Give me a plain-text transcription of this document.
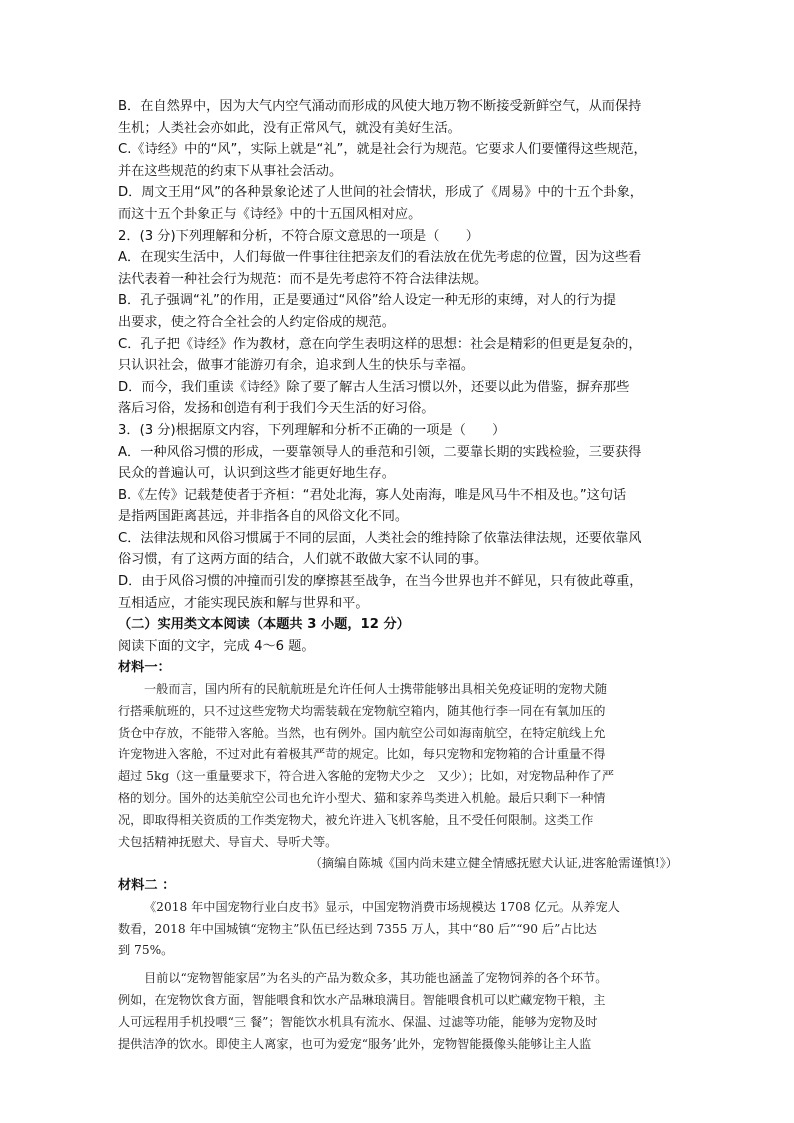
B．在自然界中，因为大气内空气涌动而形成的风使大地万物不断接受新鲜空气，从而保持

生机；人类社会亦如此，没有正常风气，就没有美好生活。

C.《诗经》中的“风”，实际上就是“礼”，就是社会行为规范。它要求人们要懂得这些规范，

并在这些规范的约束下从事社会活动。

D．周文王用“风”的各种景象论述了人世间的社会情状，形成了《周易》中的十五个卦象，

而这十五个卦象正与《诗经》中的十五国风相对应。

2．(3 分)下列理解和分析，不符合原文意思的一项是（　　）

A．在现实生活中，人们每做一件事往往把亲友们的看法放在优先考虑的位置，因为这些看

法代表着一种社会行为规范：而不是先考虑符不符合法律法规。

B．孔子强调“礼”的作用，正是要通过“风俗”给人设定一种无形的束缚，对人的行为提

出要求，使之符合全社会的人约定俗成的规范。

C．孔子把《诗经》作为教材，意在向学生表明这样的思想：社会是精彩的但更是复杂的，

只认识社会，做事才能游刃有余，追求到人生的快乐与幸福。

D．而今，我们重读《诗经》除了要了解古人生活习惯以外，还要以此为借鉴，摒弃那些

落后习俗，发扬和创造有利于我们今天生活的好习俗。

3．(3 分)根据原文内容，下列理解和分析不正确的一项是（　　）

A．一种风俗习惯的形成，一要靠领导人的垂范和引领，二要靠长期的实践检验，三要获得

民众的普遍认可，认识到这些才能更好地生存。

B.《左传》记载楚使者于齐桓：“君处北海，寡人处南海，唯是风马牛不相及也。”这句话

是指两国距离甚远，并非指各自的风俗文化不同。

C．法律法规和风俗习惯属于不同的层面，人类社会的维持除了依靠法律法规，还要依靠风

俗习惯，有了这两方面的结合，人们就不敢做大家不认同的事。

D．由于风俗习惯的冲撞而引发的摩擦甚至战争，在当今世界也并不鲜见，只有彼此尊重，

互相适应，才能实现民族和解与世界和平。

（二）实用类文本阅读（本题共 3 小题，12 分）

阅读下面的文字，完成 4～6 题。

材料一：

一般而言，国内所有的民航航班是允许任何人士携带能够出具相关免疫证明的宠物犬随

行搭乘航班的，只不过这些宠物犬均需装载在宠物航空箱内，随其他行李一同在有氧加压的

货仓中存放，不能带入客舱。当然，也有例外。国内航空公司如海南航空，在特定航线上允

许宠物进入客舱，不过对此有着极其严苛的规定。比如，每只宠物和宠物箱的合计重量不得

超过 5kg（这一重量要求下，符合进入客舱的宠物犬少之　又少）；比如，对宠物品种作了严

格的划分。国外的达美航空公司也允许小型犬、猫和家养鸟类进入机舱。最后只剩下一种情

况，即取得相关资质的工作类宠物犬，被允许进入飞机客舱，且不受任何限制。这类工作

犬包括精神抚慰犬、导盲犬、导听犬等。

（摘编自陈城《国内尚未建立健全情感抚慰犬认证,进客舱需谨慎!》）

材料二 ：

《2018 年中国宠物行业白皮书》显示，中国宠物消费市场规模达 1708 亿元。从养宠人

数看，2018 年中国城镇“宠物主”队伍已经达到 7355 万人，其中“80 后”“90 后”占比达

到 75%。

目前以“宠物智能家居”为名头的产品为数众多，其功能也涵盖了宠物饲养的各个环节。

例如，在宠物饮食方面，智能喂食和饮水产品琳琅满目。智能喂食机可以贮藏宠物干粮，主

人可远程用手机投喂“三 餐”；智能饮水机具有流水、保温、过滤等功能，能够为宠物及时

提供洁净的饮水。即使主人离家，也可为爱宠“服务’此外，宠物智能摄像头能够让主人监
